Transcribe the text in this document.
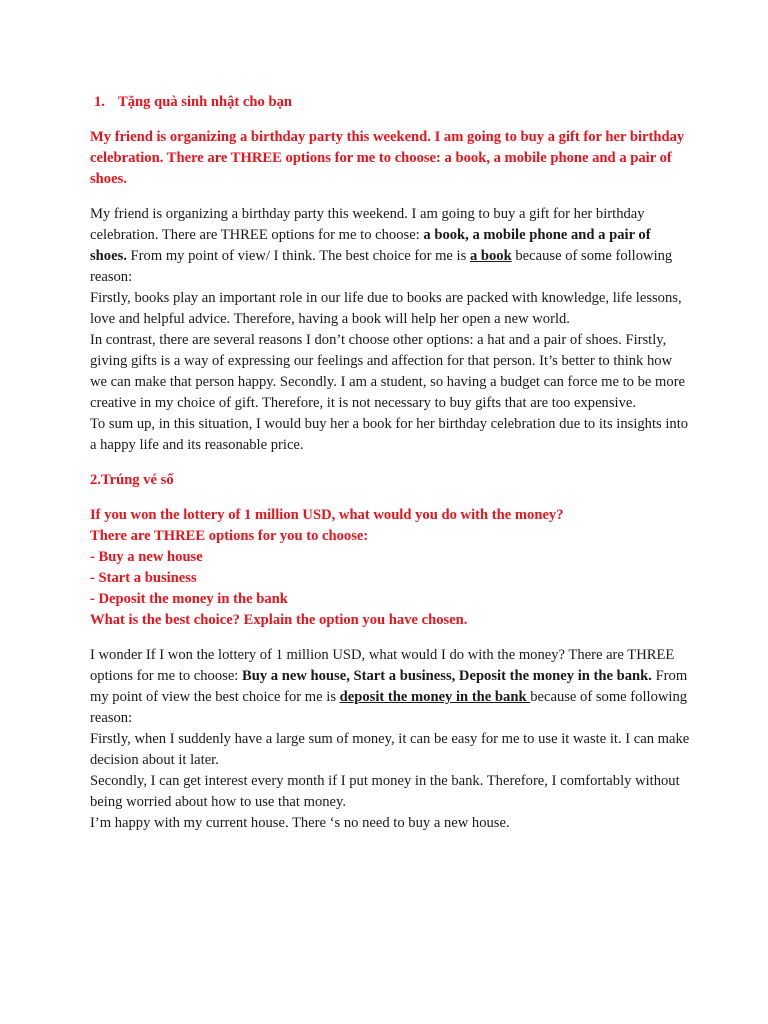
1. Tặng quà sinh nhật cho bạn
My friend is organizing a birthday party this weekend. I am going to buy a gift for her birthday celebration. There are THREE options for me to choose: a book, a mobile phone and a pair of shoes.

My friend is organizing a birthday party this weekend. I am going to buy a gift for her birthday celebration. There are THREE options for me to choose: a book, a mobile phone and a pair of shoes. From my point of view/ I think. The best choice for me is a book because of some following reason:

Firstly, books play an important role in our life due to books are packed with knowledge, life lessons, love and helpful advice. Therefore, having a book will help her open a new world.

In contrast, there are several reasons I don’t choose other options: a hat and a pair of shoes. Firstly, giving gifts is a way of expressing our feelings and affection for that person. It’s better to think how we can make that person happy. Secondly. I am a student, so having a budget can force me to be more creative in my choice of gift. Therefore, it is not necessary to buy gifts that are too expensive.

To sum up, in this situation, I would buy her a book for her birthday celebration due to its insights into a happy life and its reasonable price.

2.Trúng vé số
If you won the lottery of 1 million USD, what would you do with the money?
There are THREE options for you to choose:
- Buy a new house
- Start a business
- Deposit the money in the bank
What is the best choice? Explain the option you have chosen.

I wonder If I won the lottery of 1 million USD, what would I do with the money? There are THREE options for me to choose: Buy a new house, Start a business, Deposit the money in the bank. From my point of view the best choice for me is deposit the money in the bank because of some following reason:

Firstly, when I suddenly have a large sum of money, it can be easy for me to use it waste it. I can make decision about it later.

Secondly, I can get interest every month if I put money in the bank. Therefore, I comfortably without being worried about how to use that money.

I’m happy with my current house. There ‘s no need to buy a new house.
